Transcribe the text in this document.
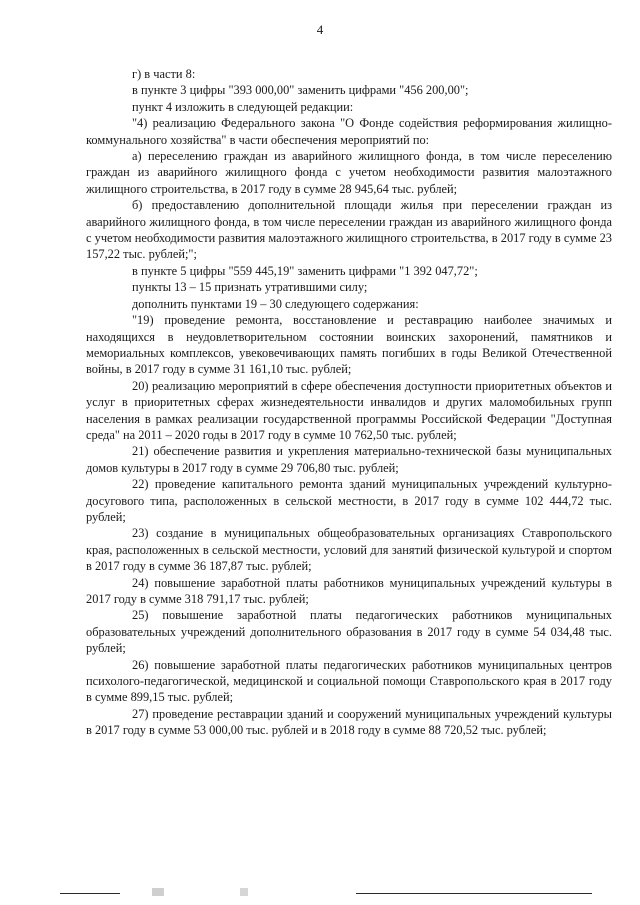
4

г) в части 8:

в пункте 3 цифры "393 000,00" заменить цифрами "456 200,00";

пункт 4 изложить в следующей редакции:

"4) реализацию Федерального закона "О Фонде содействия реформирования жилищно-коммунального хозяйства" в части обеспечения мероприятий по:

а) переселению граждан из аварийного жилищного фонда, в том числе переселению граждан из аварийного жилищного фонда с учетом необходимости развития малоэтажного жилищного строительства, в 2017 году в сумме 28 945,64 тыс. рублей;

б) предоставлению дополнительной площади жилья при переселении граждан из аварийного жилищного фонда, в том числе переселении граждан из аварийного жилищного фонда с учетом необходимости развития малоэтажного жилищного строительства, в 2017 году в сумме 23 157,22 тыс. рублей;";

в пункте 5 цифры "559 445,19" заменить цифрами "1 392 047,72";

пункты 13 – 15 признать утратившими силу;

дополнить пунктами 19 – 30 следующего содержания:

"19) проведение ремонта, восстановление и реставрацию наиболее значимых и находящихся в неудовлетворительном состоянии воинских захоронений, памятников и мемориальных комплексов, увековечивающих память погибших в годы Великой Отечественной войны, в 2017 году в сумме 31 161,10 тыс. рублей;

20) реализацию мероприятий в сфере обеспечения доступности приоритетных объектов и услуг в приоритетных сферах жизнедеятельности инвалидов и других маломобильных групп населения в рамках реализации государственной программы Российской Федерации "Доступная среда" на 2011 – 2020 годы в 2017 году в сумме 10 762,50 тыс. рублей;

21) обеспечение развития и укрепления материально-технической базы муниципальных домов культуры в 2017 году в сумме 29 706,80 тыс. рублей;

22) проведение капитального ремонта зданий муниципальных учреждений культурно-досугового типа, расположенных в сельской местности, в 2017 году в сумме 102 444,72 тыс. рублей;

23) создание в муниципальных общеобразовательных организациях Ставропольского края, расположенных в сельской местности, условий для занятий физической культурой и спортом в 2017 году в сумме 36 187,87 тыс. рублей;

24) повышение заработной платы работников муниципальных учреждений культуры в 2017 году в сумме 318 791,17 тыс. рублей;

25) повышение заработной платы педагогических работников муниципальных образовательных учреждений дополнительного образования в 2017 году в сумме 54 034,48 тыс. рублей;

26) повышение заработной платы педагогических работников муниципальных центров психолого-педагогической, медицинской и социальной помощи Ставропольского края в 2017 году в сумме 899,15 тыс. рублей;

27) проведение реставрации зданий и сооружений муниципальных учреждений культуры в 2017 году в сумме 53 000,00 тыс. рублей и в 2018 году в сумме 88 720,52 тыс. рублей;
